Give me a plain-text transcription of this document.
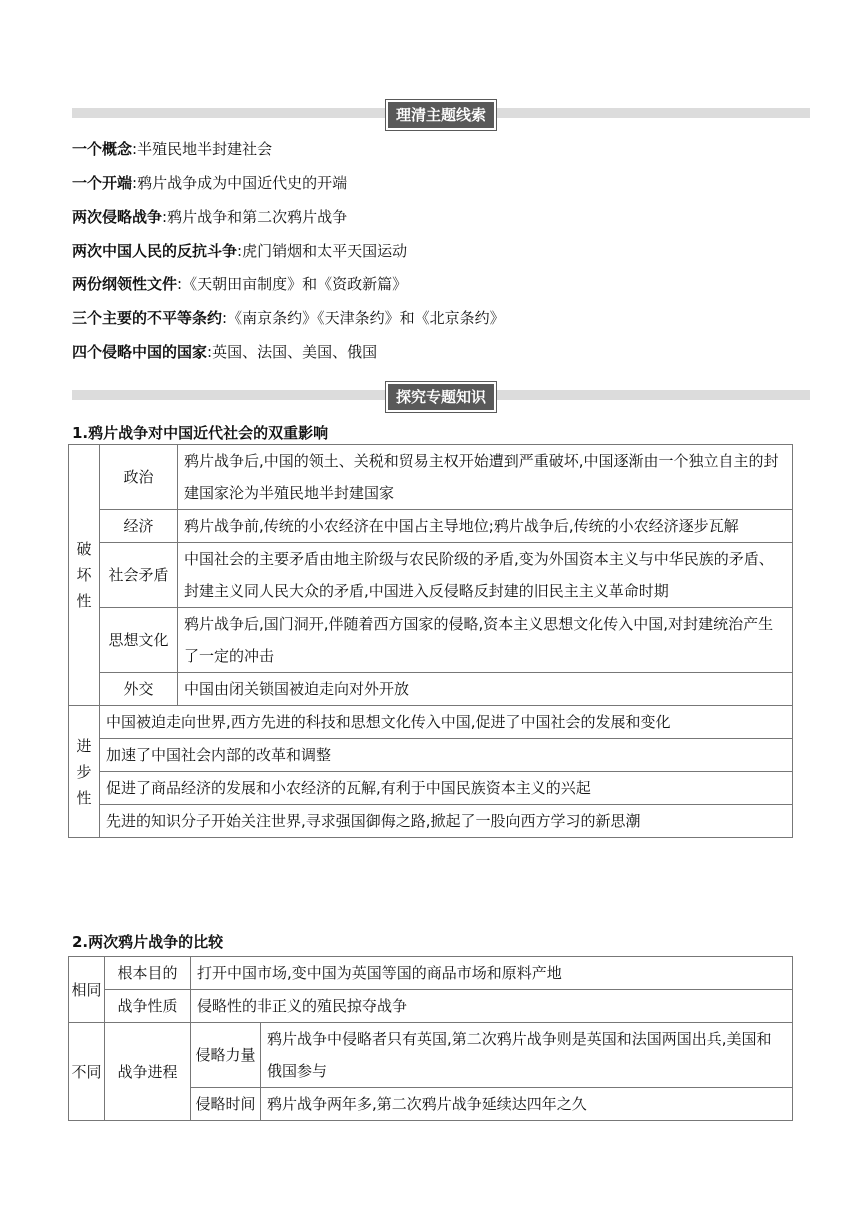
理清主题线索
一个概念:半殖民地半封建社会
一个开端:鸦片战争成为中国近代史的开端
两次侵略战争:鸦片战争和第二次鸦片战争
两次中国人民的反抗斗争:虎门销烟和太平天国运动
两份纲领性文件:《天朝田亩制度》和《资政新篇》
三个主要的不平等条约:《南京条约》《天津条约》和《北京条约》
四个侵略中国的国家:英国、法国、美国、俄国
探究专题知识
1.鸦片战争对中国近代社会的双重影响
破坏性	政治	鸦片战争后,中国的领土、关税和贸易主权开始遭到严重破坏,中国逐渐由一个独立自主的封建国家沦为半殖民地半封建国家
	经济	鸦片战争前,传统的小农经济在中国占主导地位;鸦片战争后,传统的小农经济逐步瓦解
	社会矛盾	中国社会的主要矛盾由地主阶级与农民阶级的矛盾,变为外国资本主义与中华民族的矛盾、封建主义同人民大众的矛盾,中国进入反侵略反封建的旧民主主义革命时期
	思想文化	鸦片战争后,国门洞开,伴随着西方国家的侵略,资本主义思想文化传入中国,对封建统治产生了一定的冲击
	外交	中国由闭关锁国被迫走向对外开放
进步性	中国被迫走向世界,西方先进的科技和思想文化传入中国,促进了中国社会的发展和变化	
	加速了中国社会内部的改革和调整	
	促进了商品经济的发展和小农经济的瓦解,有利于中国民族资本主义的兴起	
	先进的知识分子开始关注世界,寻求强国御侮之路,掀起了一股向西方学习的新思潮	
2.两次鸦片战争的比较
相同	根本目的	打开中国市场,变中国为英国等国的商品市场和原料产地	
	战争性质	侵略性的非正义的殖民掠夺战争	
不同	战争进程	侵略力量	鸦片战争中侵略者只有英国,第二次鸦片战争则是英国和法国两国出兵,美国和俄国参与
		侵略时间	鸦片战争两年多,第二次鸦片战争延续达四年之久
